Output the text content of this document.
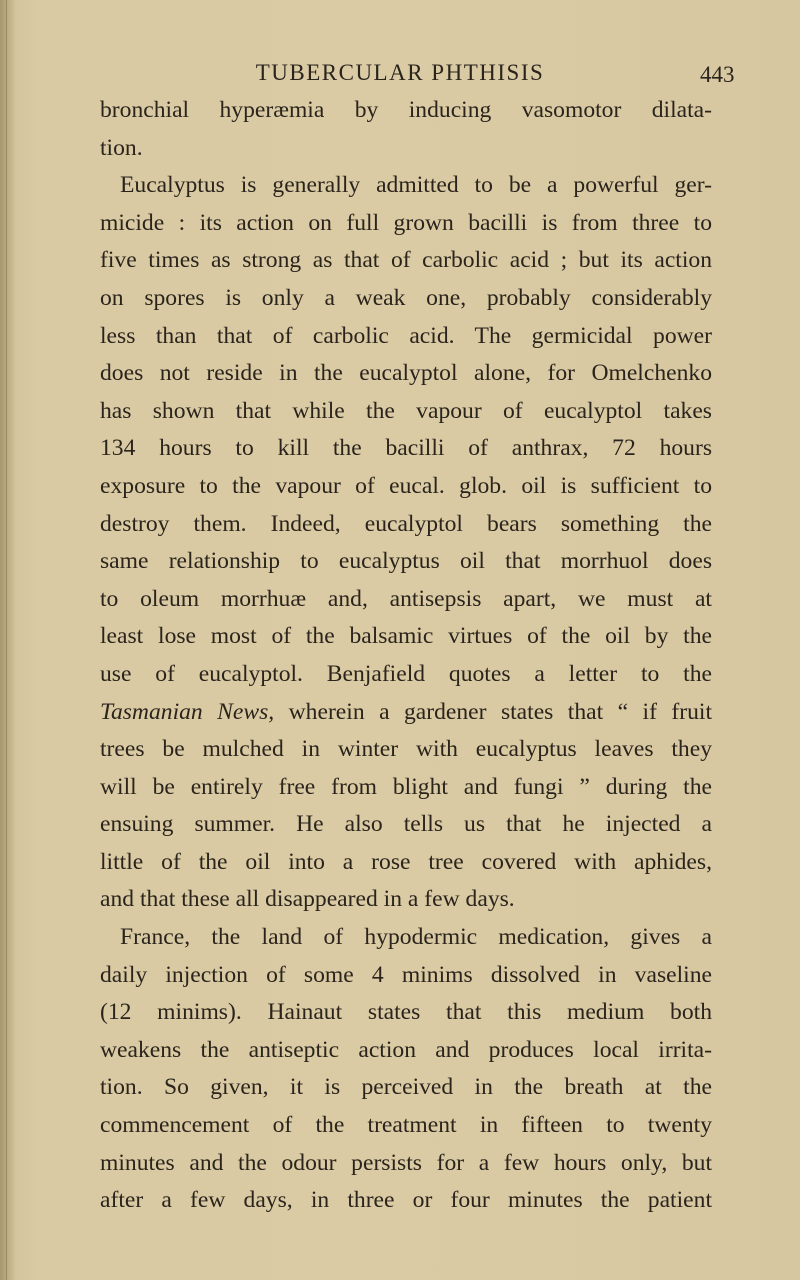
TUBERCULAR PHTHISIS	443
bronchial hyperæmia by inducing vasomotor dilata-
tion.
Eucalyptus is generally admitted to be a powerful ger-
micide : its action on full grown bacilli is from three to
five times as strong as that of carbolic acid ; but its action
on spores is only a weak one, probably considerably
less than that of carbolic acid. The germicidal power
does not reside in the eucalyptol alone, for Omelchenko
has shown that while the vapour of eucalyptol takes
134 hours to kill the bacilli of anthrax, 72 hours
exposure to the vapour of eucal. glob. oil is sufficient to
destroy them. Indeed, eucalyptol bears something the
same relationship to eucalyptus oil that morrhuol does
to oleum morrhuæ and, antisepsis apart, we must at
least lose most of the balsamic virtues of the oil by the
use of eucalyptol. Benjafield quotes a letter to the
Tasmanian News, wherein a gardener states that “ if fruit
trees be mulched in winter with eucalyptus leaves they
will be entirely free from blight and fungi ” during the
ensuing summer. He also tells us that he injected a
little of the oil into a rose tree covered with aphides,
and that these all disappeared in a few days.
France, the land of hypodermic medication, gives a
daily injection of some 4 minims dissolved in vaseline
(12 minims). Hainaut states that this medium both
weakens the antiseptic action and produces local irrita-
tion. So given, it is perceived in the breath at the
commencement of the treatment in fifteen to twenty
minutes and the odour persists for a few hours only, but
after a few days, in three or four minutes the patient
